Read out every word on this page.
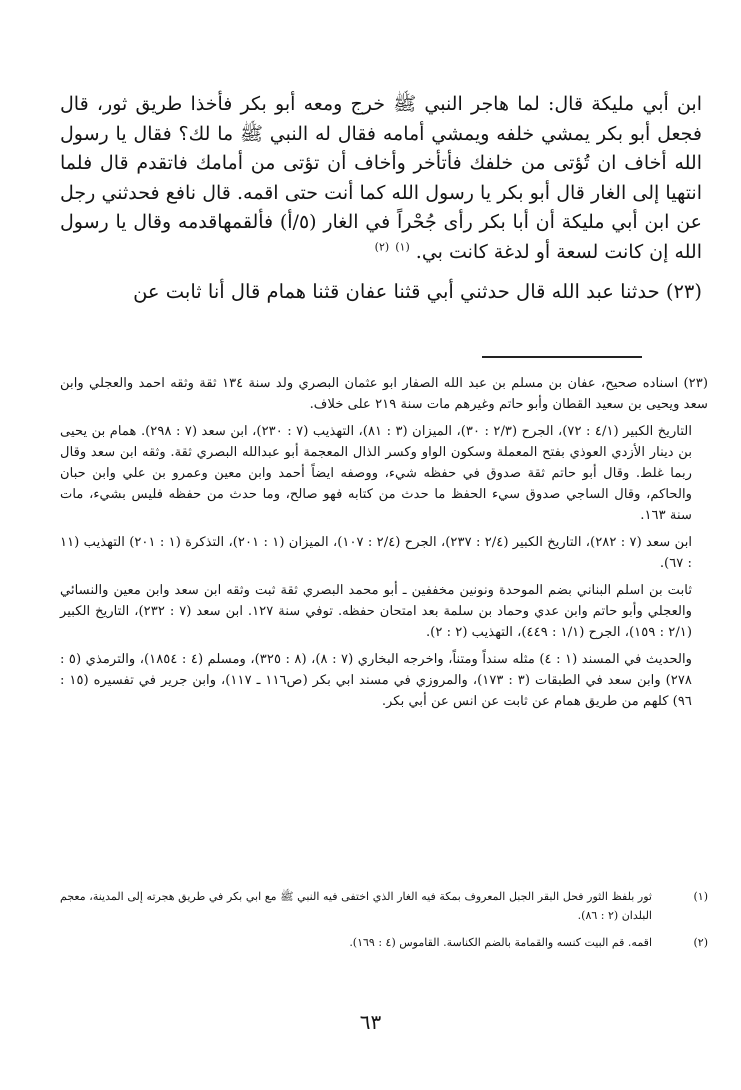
ابن أبي مليكة قال: لما هاجر النبي ﷺ خرج ومعه أبو بكر فأخذا طريق ثور، قال فجعل أبو بكر يمشي خلفه ويمشي أمامه فقال له النبي ﷺ ما لك؟ فقال يا رسول الله أخاف ان تُؤتى من خلفك فأتأخر وأخاف أن تؤتى من أمامك فاتقدم قال فلما انتهيا إلى الغار قال أبو بكر يا رسول الله كما أنت حتى اقمه. قال نافع فحدثني رجل عن ابن أبي مليكة أن أبا بكر رأى جُحْراً في الغار (٥/أ) فألقمهاقدمه وقال يا رسول الله إن كانت لسعة أو لدغة كانت بي. $^{(١)}$ $^{(٢)}$

(٢٣) حدثنا عبد الله قال حدثني أبي قثنا عفان قثنا همام قال أنا ثابت عن

(٢٣) اسناده صحيح، عفان بن مسلم بن عبد الله الصفار ابو عثمان البصري ولد سنة ١٣٤ ثقة وثقه احمد والعجلي وابن سعد ويحيى بن سعيد القطان وأبو حاتم وغيرهم مات سنة ٢١٩ على خلاف.

التاريخ الكبير (٤/١ : ٧٢)، الجرح (٢/٣ : ٣٠)، الميزان (٣ : ٨١)، التهذيب (٧ : ٢٣٠)، ابن سعد (٧ : ٢٩٨). همام بن يحيى بن دينار الأزدي العوذي بفتح المعملة وسكون الواو وكسر الذال المعجمة أبو عبدالله البصري ثقة. وثقه ابن سعد وقال ربما غلط. وقال أبو حاتم ثقة صدوق في حفظه شيء، ووصفه ايضاً أحمد وابن معين وعمرو بن علي وابن حبان والحاكم، وقال الساجي صدوق سيء الحفظ ما حدث من كتابه فهو صالح، وما حدث من حفظه فليس بشيء، مات سنة ١٦٣.

ابن سعد (٧ : ٢٨٢)، التاريخ الكبير (٢/٤ : ٢٣٧)، الجرح (٢/٤ : ١٠٧)، الميزان (١ : ٢٠١)، التذكرة (١ : ٢٠١) التهذيب (١١ : ٦٧).

ثابت بن اسلم البناني بضم الموحدة ونونين مخففين ـ أبو محمد البصري ثقة ثبت وثقه ابن سعد وابن معين والنسائي والعجلي وأبو حاتم وابن عدي وحماد بن سلمة بعد امتحان حفظه. توفي سنة ١٢٧. ابن سعد (٧ : ٢٣٢)، التاريخ الكبير (٢/١ : ١٥٩)، الجرح (١/١ : ٤٤٩)، التهذيب (٢ : ٢).

والحديث في المسند (١ : ٤) مثله سنداً ومتناً، واخرجه البخاري (٧ : ٨)، (٨ : ٣٢٥)، ومسلم (٤ : ١٨٥٤)، والترمذي (٥ : ٢٧٨) وابن سعد في الطبقات (٣ : ١٧٣)، والمروزي في مسند ابي بكر (ص١١٦ ـ ١١٧)، وابن جرير في تفسيره (١٥ : ٩٦) كلهم من طريق همام عن ثابت عن انس عن أبي بكر.

(١)
ثور بلفظ الثور فحل البقر الجبل المعروف بمكة فيه الغار الذي اختفى فيه النبي ﷺ مع ابي بكر في طريق هجرته إلى المدينة، معجم البلدان (٢ : ٨٦).
(٢)
اقمه. قم البيت كنسه والقمامة بالضم الكناسة. القاموس (٤ : ١٦٩).
٦٣
